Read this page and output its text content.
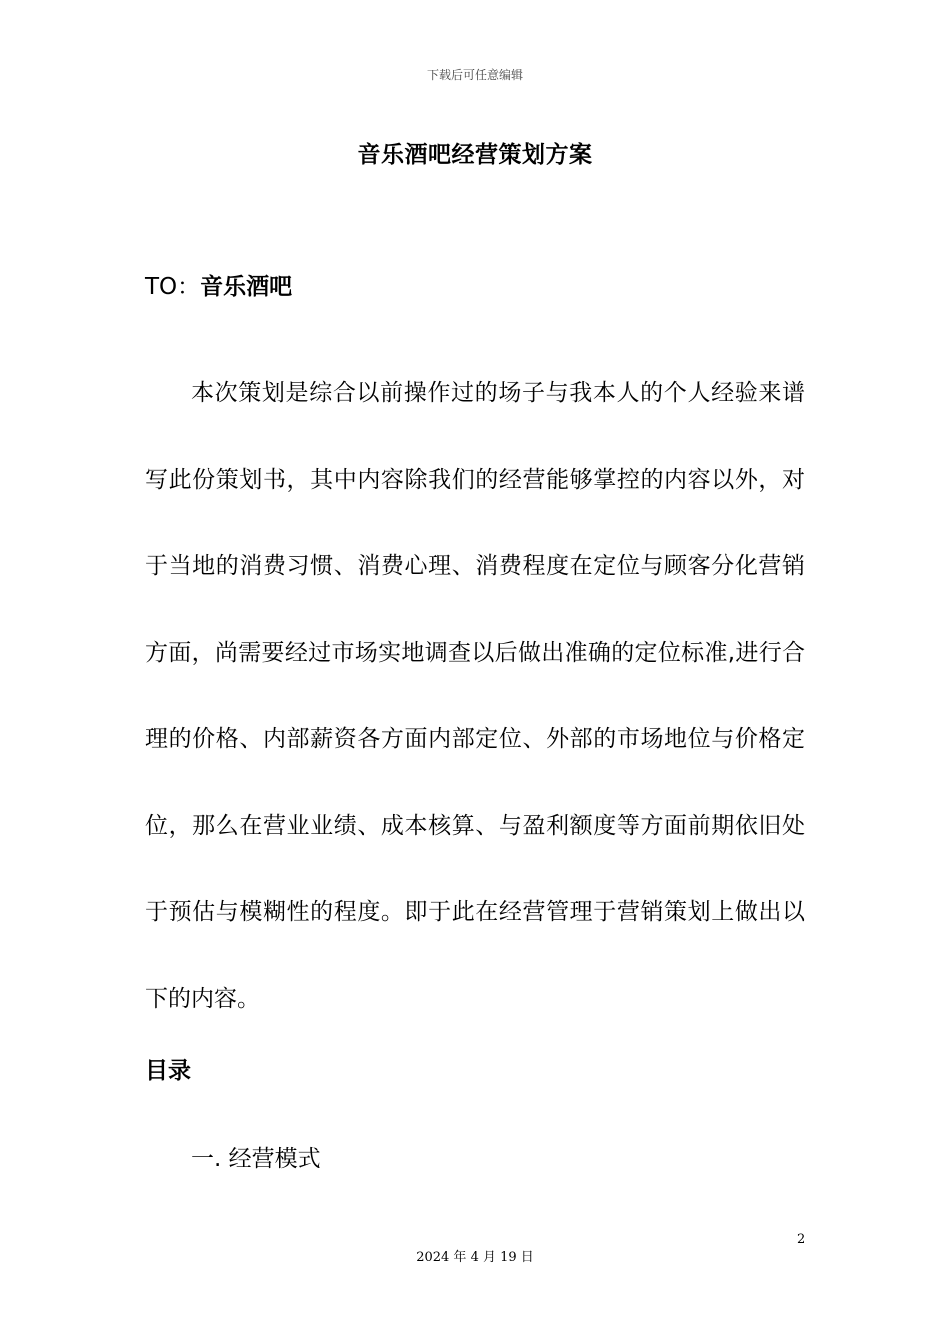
下载后可任意编辑
音乐酒吧经营策划方案
TO：音乐酒吧

本次策划是综合以前操作过的场子与我本人的个人经验来谱写此份策划书，其中内容除我们的经营能够掌控的内容以外，对于当地的消费习惯、消费心理、消费程度在定位与顾客分化营销方面，尚需要经过市场实地调查以后做出准确的定位标准,进行合理的价格、内部薪资各方面内部定位、外部的市场地位与价格定位，那么在营业业绩、成本核算、与盈利额度等方面前期依旧处于预估与模糊性的程度。即于此在经营管理于营销策划上做出以下的内容。

目录
一. 经营模式
2
2024 年 4 月 19 日
